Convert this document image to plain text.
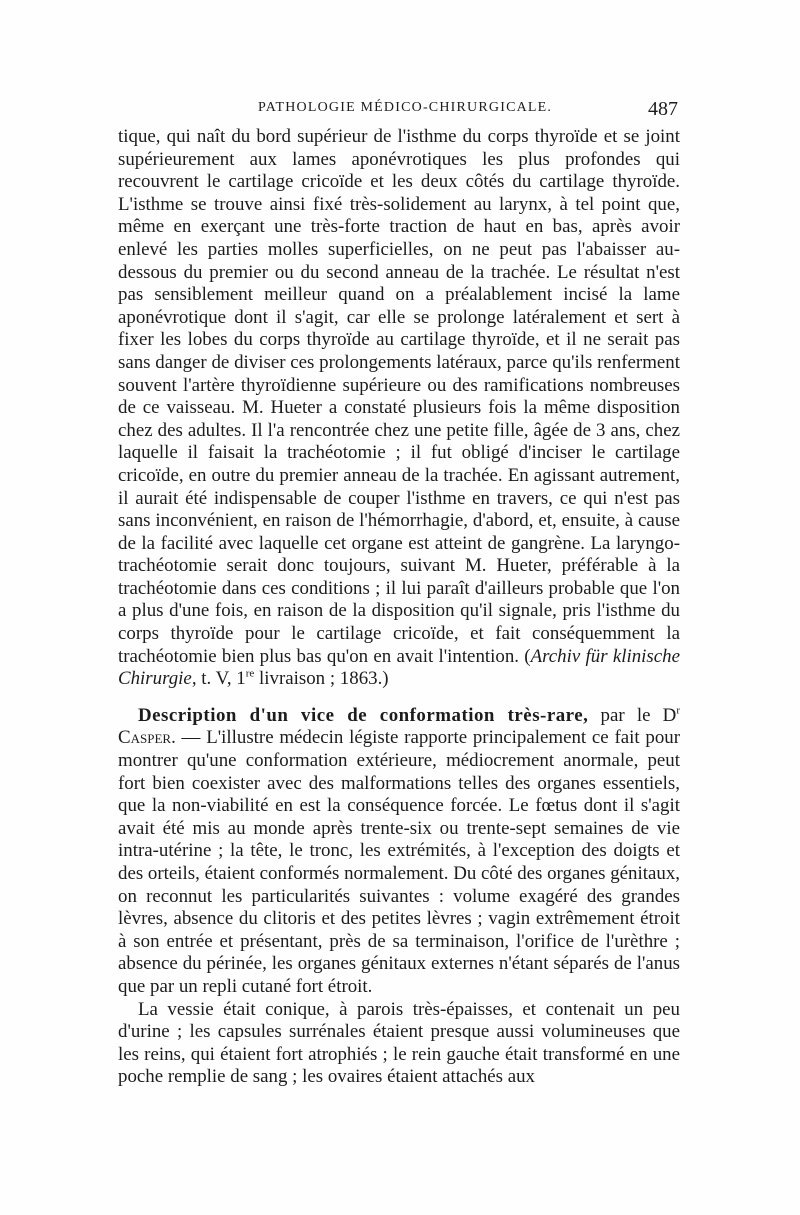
PATHOLOGIE MÉDICO-CHIRURGICALE.	487

tique, qui naît du bord supérieur de l'isthme du corps thyroïde et se joint supérieurement aux lames aponévrotiques les plus profondes qui recouvrent le cartilage cricoïde et les deux côtés du cartilage thyroïde. L'isthme se trouve ainsi fixé très-solidement au larynx, à tel point que, même en exerçant une très-forte traction de haut en bas, après avoir enlevé les parties molles superficielles, on ne peut pas l'abaisser au-dessous du premier ou du second anneau de la trachée. Le résultat n'est pas sensiblement meilleur quand on a préalablement incisé la lame aponévrotique dont il s'agit, car elle se prolonge latéralement et sert à fixer les lobes du corps thyroïde au cartilage thyroïde, et il ne serait pas sans danger de diviser ces prolongements latéraux, parce qu'ils renferment souvent l'artère thyroïdienne supérieure ou des ramifications nombreuses de ce vaisseau. M. Hueter a constaté plusieurs fois la même disposition chez des adultes. Il l'a rencontrée chez une petite fille, âgée de 3 ans, chez laquelle il faisait la trachéotomie ; il fut obligé d'inciser le cartilage cricoïde, en outre du premier anneau de la trachée. En agissant autrement, il aurait été indispensable de couper l'isthme en travers, ce qui n'est pas sans inconvénient, en raison de l'hémorrhagie, d'abord, et, ensuite, à cause de la facilité avec laquelle cet organe est atteint de gangrène. La laryngo-trachéotomie serait donc toujours, suivant M. Hueter, préférable à la trachéotomie dans ces conditions ; il lui paraît d'ailleurs probable que l'on a plus d'une fois, en raison de la disposition qu'il signale, pris l'isthme du corps thyroïde pour le cartilage cricoïde, et fait conséquemment la trachéotomie bien plus bas qu'on en avait l'intention. (Archiv für klinische Chirurgie, t. V, 1re livraison ; 1863.)

Description d'un vice de conformation très-rare, par le $D^r$ Casper. — L'illustre médecin légiste rapporte principalement ce fait pour montrer qu'une conformation extérieure, médiocrement anormale, peut fort bien coexister avec des malformations telles des organes essentiels, que la non-viabilité en est la conséquence forcée. Le fœtus dont il s'agit avait été mis au monde après trente-six ou trente-sept semaines de vie intra-utérine ; la tête, le tronc, les extrémités, à l'exception des doigts et des orteils, étaient conformés normalement. Du côté des organes génitaux, on reconnut les particularités suivantes : volume exagéré des grandes lèvres, absence du clitoris et des petites lèvres ; vagin extrêmement étroit à son entrée et présentant, près de sa terminaison, l'orifice de l'urèthre ; absence du périnée, les organes génitaux externes n'étant séparés de l'anus que par un repli cutané fort étroit.

La vessie était conique, à parois très-épaisses, et contenait un peu d'urine ; les capsules surrénales étaient presque aussi volumineuses que les reins, qui étaient fort atrophiés ; le rein gauche était transformé en une poche remplie de sang ; les ovaires étaient attachés aux
